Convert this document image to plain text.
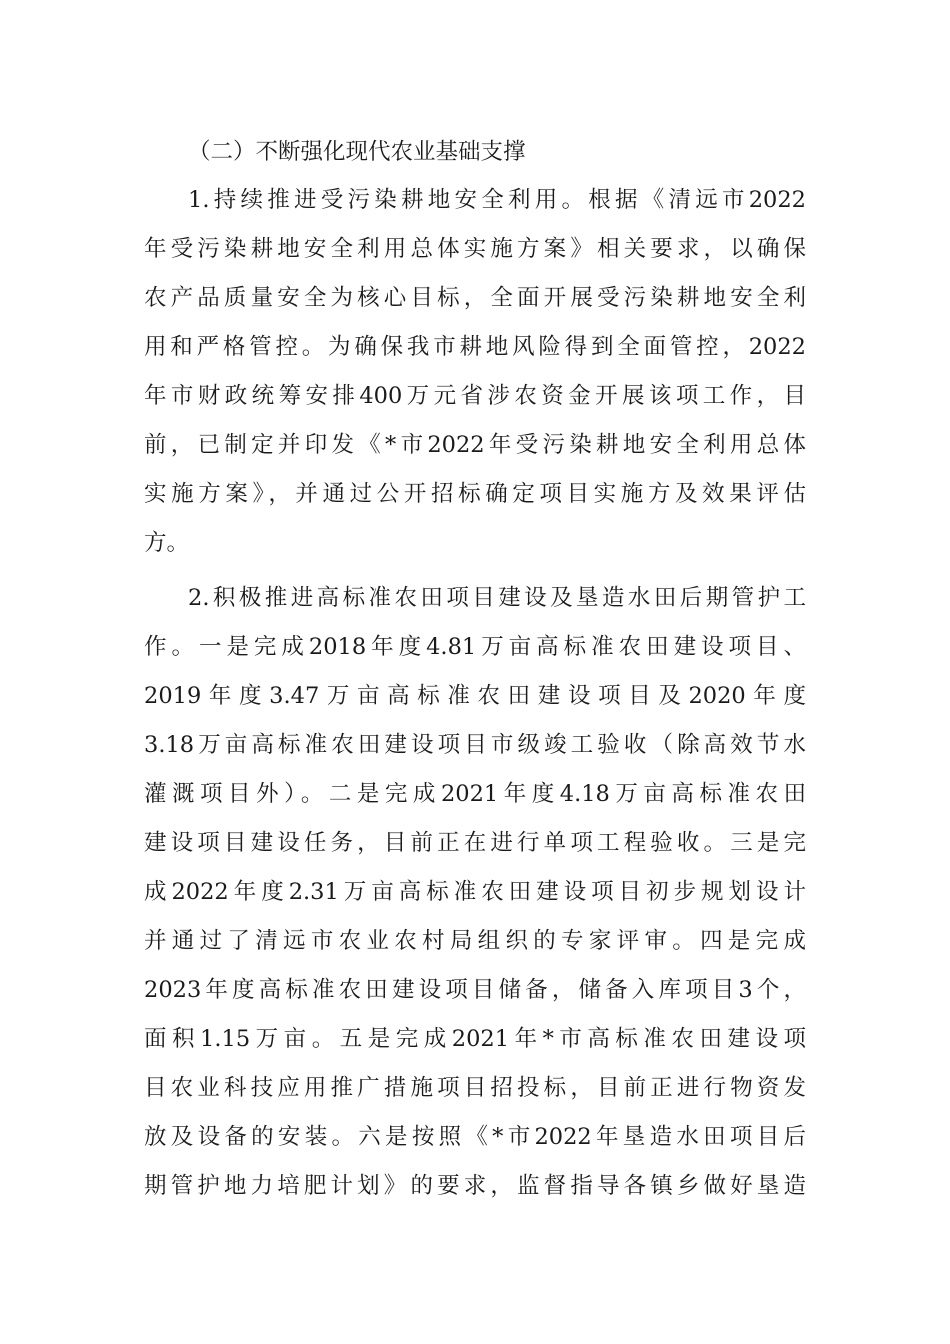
（二）不断强化现代农业基础支撑
1.持续推进受污染耕地安全利用。根据《清远市2022
年受污染耕地安全利用总体实施方案》相关要求，以确保
农产品质量安全为核心目标，全面开展受污染耕地安全利
用和严格管控。为确保我市耕地风险得到全面管控，2022
年市财政统筹安排400万元省涉农资金开展该项工作，目
前，已制定并印发《*市2022年受污染耕地安全利用总体
实施方案》，并通过公开招标确定项目实施方及效果评估
方。
2.积极推进高标准农田项目建设及垦造水田后期管护工
作。一是完成2018年度4.81万亩高标准农田建设项目、
2019年度3.47万亩高标准农田建设项目及2020年度
3.18万亩高标准农田建设项目市级竣工验收（除高效节水
灌溉项目外）。二是完成2021年度4.18万亩高标准农田
建设项目建设任务，目前正在进行单项工程验收。三是完
成2022年度2.31万亩高标准农田建设项目初步规划设计
并通过了清远市农业农村局组织的专家评审。四是完成
2023年度高标准农田建设项目储备，储备入库项目3个，
面积1.15万亩。五是完成2021年*市高标准农田建设项
目农业科技应用推广措施项目招投标，目前正进行物资发
放及设备的安装。六是按照《*市2022年垦造水田项目后
期管护地力培肥计划》的要求，监督指导各镇乡做好垦造
